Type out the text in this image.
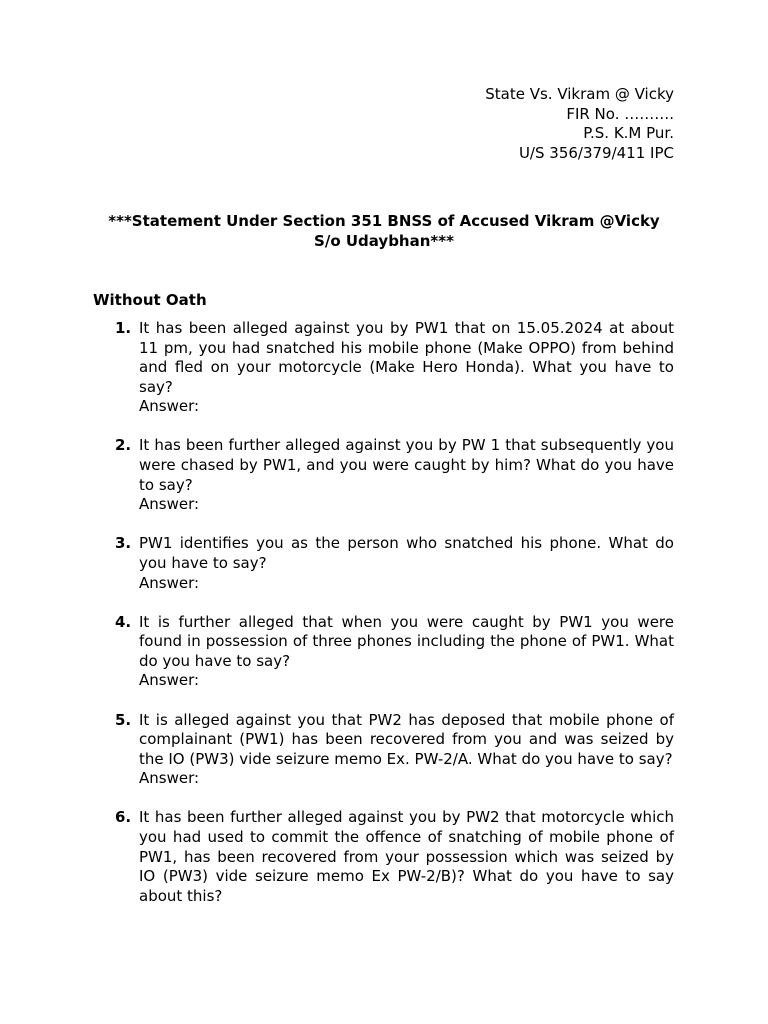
State Vs. Vikram @ Vicky
FIR No. ……….
P.S. K.M Pur.
U/S 356/379/411 IPC
***Statement Under Section 351 BNSS of Accused Vikram @Vicky
S/o Udaybhan***
Without Oath
1. It has been alleged against you by PW1 that on 15.05.2024 at about 11 pm, you had snatched his mobile phone (Make OPPO) from behind and fled on your motorcycle (Make Hero Honda). What you have to say?
Answer:
2. It has been further alleged against you by PW 1 that subsequently you were chased by PW1, and you were caught by him? What do you have to say?
Answer:
3. PW1 identifies you as the person who snatched his phone. What do you have to say?
Answer:
4. It is further alleged that when you were caught by PW1 you were found in possession of three phones including the phone of PW1. What do you have to say?
Answer:
5. It is alleged against you that PW2 has deposed that mobile phone of complainant (PW1) has been recovered from you and was seized by the IO (PW3) vide seizure memo Ex. PW-2/A. What do you have to say?
Answer:
6. It has been further alleged against you by PW2 that motorcycle which you had used to commit the offence of snatching of mobile phone of PW1, has been recovered from your possession which was seized by IO (PW3) vide seizure memo Ex PW-2/B)? What do you have to say about this?
